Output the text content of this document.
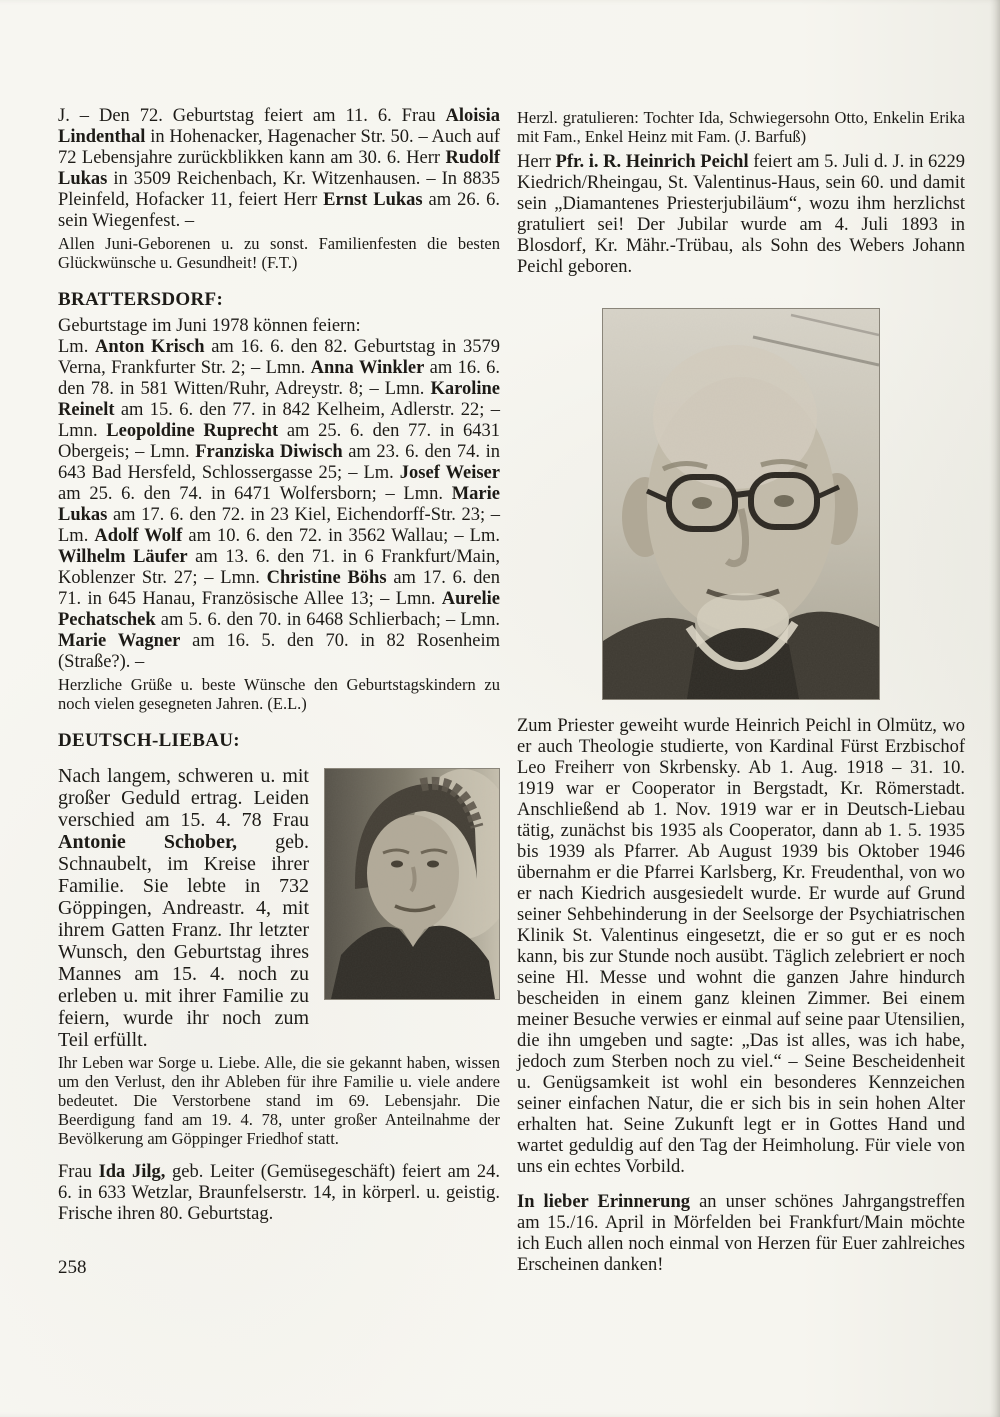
J. – Den 72. Geburtstag feiert am 11. 6. Frau Aloisia Lindenthal in Hohenacker, Hagenacher Str. 50. – Auch auf 72 Lebensjahre zurückblikken kann am 30. 6. Herr Rudolf Lukas in 3509 Reichenbach, Kr. Witzenhausen. – In 8835 Pleinfeld, Hofacker 11, feiert Herr Ernst Lukas am 26. 6. sein Wiegenfest. –

Allen Juni-Geborenen u. zu sonst. Familienfesten die besten Glückwünsche u. Gesundheit! (F.T.)

BRATTERSDORF:

Geburtstage im Juni 1978 können feiern:

Lm. Anton Krisch am 16. 6. den 82. Geburtstag in 3579 Verna, Frankfurter Str. 2; – Lmn. Anna Winkler am 16. 6. den 78. in 581 Witten/Ruhr, Adreystr. 8; – Lmn. Karoline Reinelt am 15. 6. den 77. in 842 Kelheim, Adlerstr. 22; – Lmn. Leopoldine Ruprecht am 25. 6. den 77. in 6431 Obergeis; – Lmn. Franziska Diwisch am 23. 6. den 74. in 643 Bad Hersfeld, Schlossergasse 25; – Lm. Josef Weiser am 25. 6. den 74. in 6471 Wolfersborn; – Lmn. Marie Lukas am 17. 6. den 72. in 23 Kiel, Eichendorff-Str. 23; – Lm. Adolf Wolf am 10. 6. den 72. in 3562 Wallau; – Lm. Wilhelm Läufer am 13. 6. den 71. in 6 Frankfurt/Main, Koblenzer Str. 27; – Lmn. Christine Böhs am 17. 6. den 71. in 645 Hanau, Französische Allee 13; – Lmn. Aurelie Pechatschek am 5. 6. den 70. in 6468 Schlierbach; – Lmn. Marie Wagner am 16. 5. den 70. in 82 Rosenheim (Straße?). –

Herzliche Grüße u. beste Wünsche den Geburtstagskindern zu noch vielen gesegneten Jahren. (E.L.)

DEUTSCH-LIEBAU:

Nach langem, schweren u. mit großer Geduld ertrag. Leiden verschied am 15. 4. 78 Frau Antonie Schober, geb. Schnaubelt, im Kreise ihrer Familie. Sie lebte in 732 Göppingen, Andreastr. 4, mit ihrem Gatten Franz. Ihr letzter Wunsch, den Geburtstag ihres Mannes am 15. 4. noch zu erleben u. mit ihrer Familie zu feiern, wurde ihr noch zum Teil erfüllt.

Ihr Leben war Sorge u. Liebe. Alle, die sie gekannt haben, wissen um den Verlust, den ihr Ableben für ihre Familie u. viele andere bedeutet. Die Verstorbene stand im 69. Lebensjahr. Die Beerdigung fand am 19. 4. 78, unter großer Anteilnahme der Bevölkerung am Göppinger Friedhof statt.

Frau Ida Jilg, geb. Leiter (Gemüsegeschäft) feiert am 24. 6. in 633 Wetzlar, Braunfelserstr. 14, in körperl. u. geistig. Frische ihren 80. Geburtstag.

258

Herzl. gratulieren: Tochter Ida, Schwiegersohn Otto, Enkelin Erika mit Fam., Enkel Heinz mit Fam. (J. Barfuß)

Herr Pfr. i. R. Heinrich Peichl feiert am 5. Juli d. J. in 6229 Kiedrich/Rheingau, St. Valentinus-Haus, sein 60. und damit sein „Diamantenes Priesterjubiläum“, wozu ihm herzlichst gratuliert sei! Der Jubilar wurde am 4. Juli 1893 in Blosdorf, Kr. Mähr.-Trübau, als Sohn des Webers Johann Peichl geboren.

Zum Priester geweiht wurde Heinrich Peichl in Olmütz, wo er auch Theologie studierte, von Kardinal Fürst Erzbischof Leo Freiherr von Skrbensky. Ab 1. Aug. 1918 – 31. 10. 1919 war er Cooperator in Bergstadt, Kr. Römerstadt. Anschließend ab 1. Nov. 1919 war er in Deutsch-Liebau tätig, zunächst bis 1935 als Cooperator, dann ab 1. 5. 1935 bis 1939 als Pfarrer. Ab August 1939 bis Oktober 1946 übernahm er die Pfarrei Karlsberg, Kr. Freudenthal, von wo er nach Kiedrich ausgesiedelt wurde. Er wurde auf Grund seiner Sehbehinderung in der Seelsorge der Psychiatrischen Klinik St. Valentinus eingesetzt, die er so gut er es noch kann, bis zur Stunde noch ausübt. Täglich zelebriert er noch seine Hl. Messe und wohnt die ganzen Jahre hindurch bescheiden in einem ganz kleinen Zimmer. Bei einem meiner Besuche verwies er einmal auf seine paar Utensilien, die ihn umgeben und sagte: „Das ist alles, was ich habe, jedoch zum Sterben noch zu viel.“ – Seine Bescheidenheit u. Genügsamkeit ist wohl ein besonderes Kennzeichen seiner einfachen Natur, die er sich bis in sein hohen Alter erhalten hat. Seine Zukunft legt er in Gottes Hand und wartet geduldig auf den Tag der Heimholung. Für viele von uns ein echtes Vorbild.

In lieber Erinnerung an unser schönes Jahrgangstreffen am 15./16. April in Mörfelden bei Frankfurt/Main möchte ich Euch allen noch einmal von Herzen für Euer zahlreiches Erscheinen danken!
